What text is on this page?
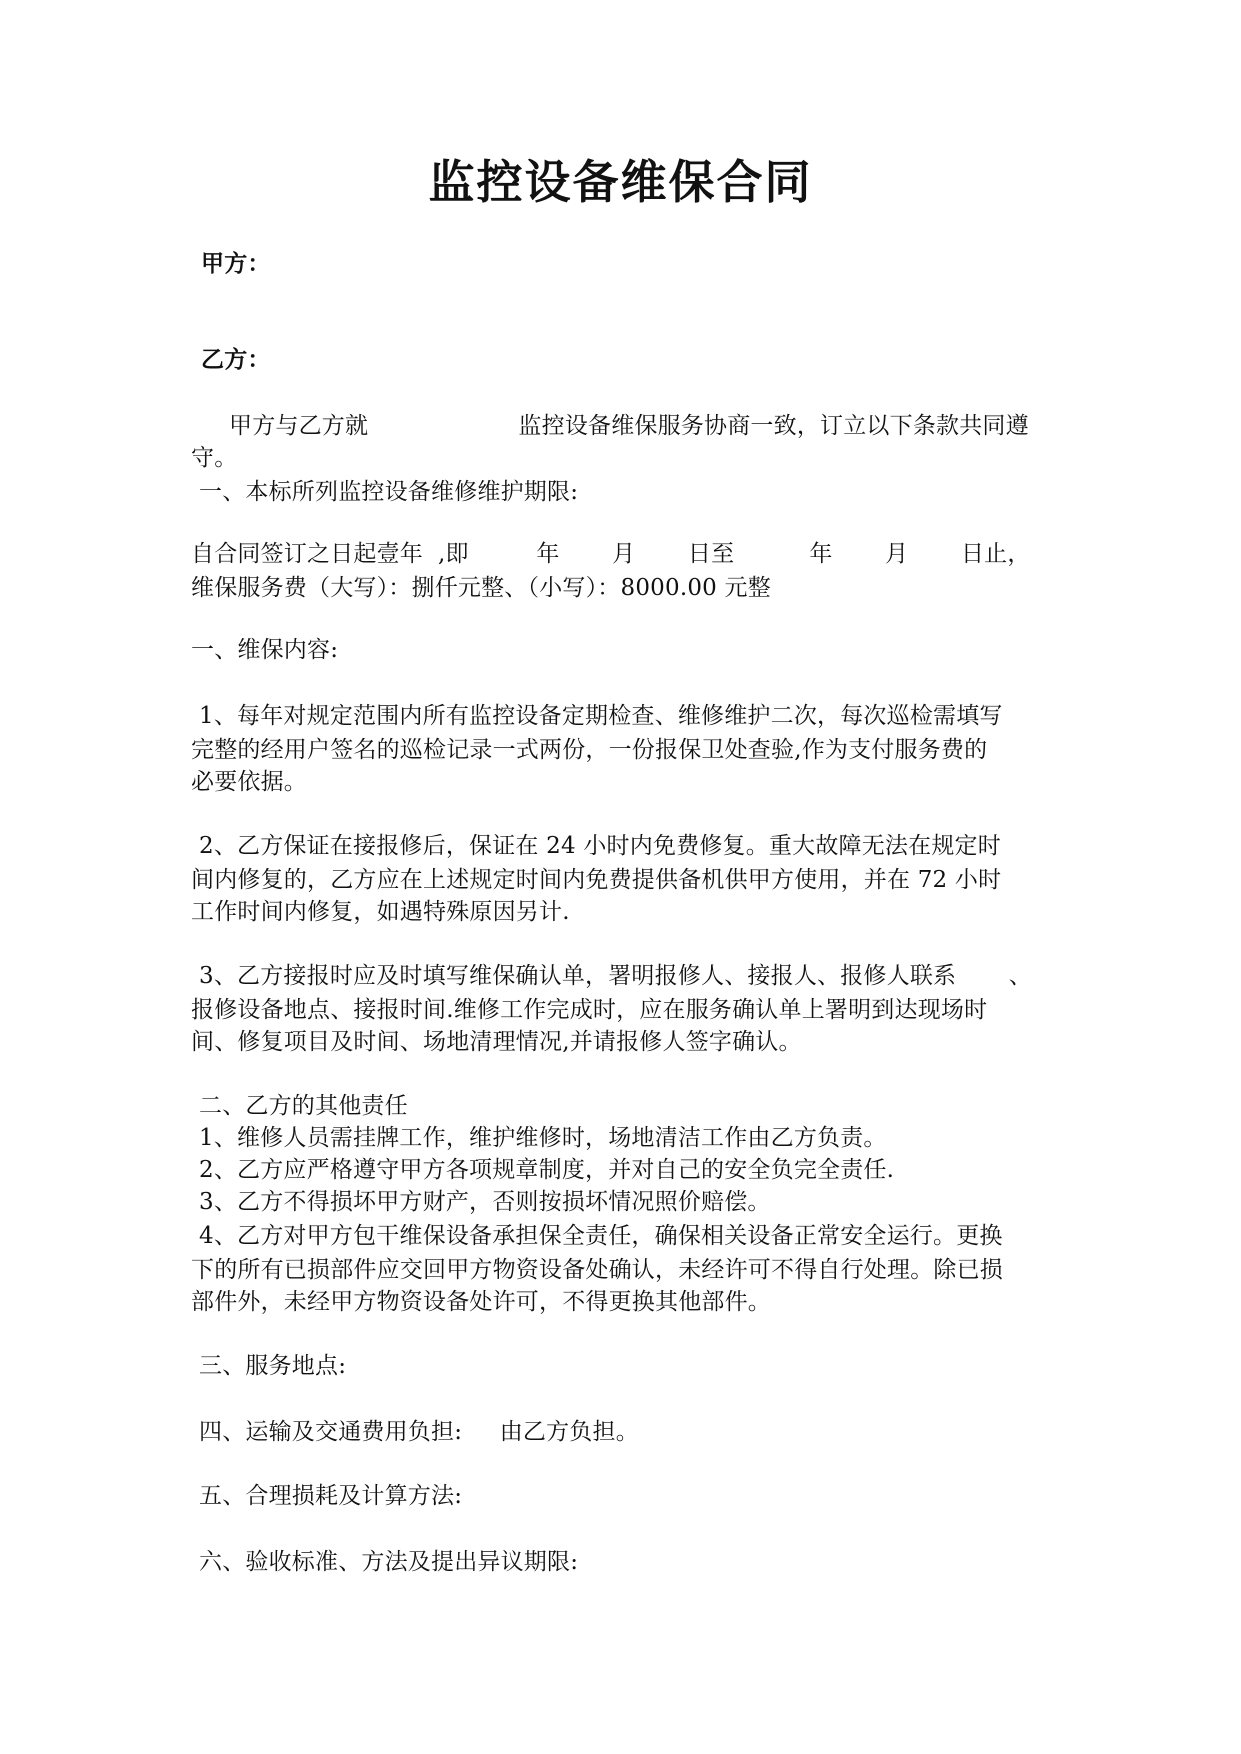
监控设备维保合同
甲方：
乙方：
甲方与乙方就                    监控设备维保服务协商一致，订立以下条款共同遵
守。
一、本标所列监控设备维修维护期限:
自合同签订之日起壹年  ,即         年       月       日至          年       月       日止，
维保服务费（大写）：捌仟元整、（小写）：8000.00 元整
一、维保内容:
1、每年对规定范围内所有监控设备定期检查、维修维护二次，每次巡检需填写
完整的经用户签名的巡检记录一式两份，一份报保卫处查验,作为支付服务费的
必要依据。
2、乙方保证在接报修后，保证在 24 小时内免费修复。重大故障无法在规定时
间内修复的，乙方应在上述规定时间内免费提供备机供甲方使用，并在 72 小时
工作时间内修复，如遇特殊原因另计.
3、乙方接报时应及时填写维保确认单，署明报修人、接报人、报修人联系       、
报修设备地点、接报时间.维修工作完成时，应在服务确认单上署明到达现场时
间、修复项目及时间、场地清理情况,并请报修人签字确认。
二、乙方的其他责任
1、维修人员需挂牌工作，维护维修时，场地清洁工作由乙方负责。
2、乙方应严格遵守甲方各项规章制度，并对自己的安全负完全责任.
3、乙方不得损坏甲方财产，否则按损坏情况照价赔偿。
4、乙方对甲方包干维保设备承担保全责任，确保相关设备正常安全运行。更换
下的所有已损部件应交回甲方物资设备处确认，未经许可不得自行处理。除已损
部件外，未经甲方物资设备处许可，不得更换其他部件。
三、服务地点:
四、运输及交通费用负担:     由乙方负担。
五、合理损耗及计算方法:
六、验收标准、方法及提出异议期限:
